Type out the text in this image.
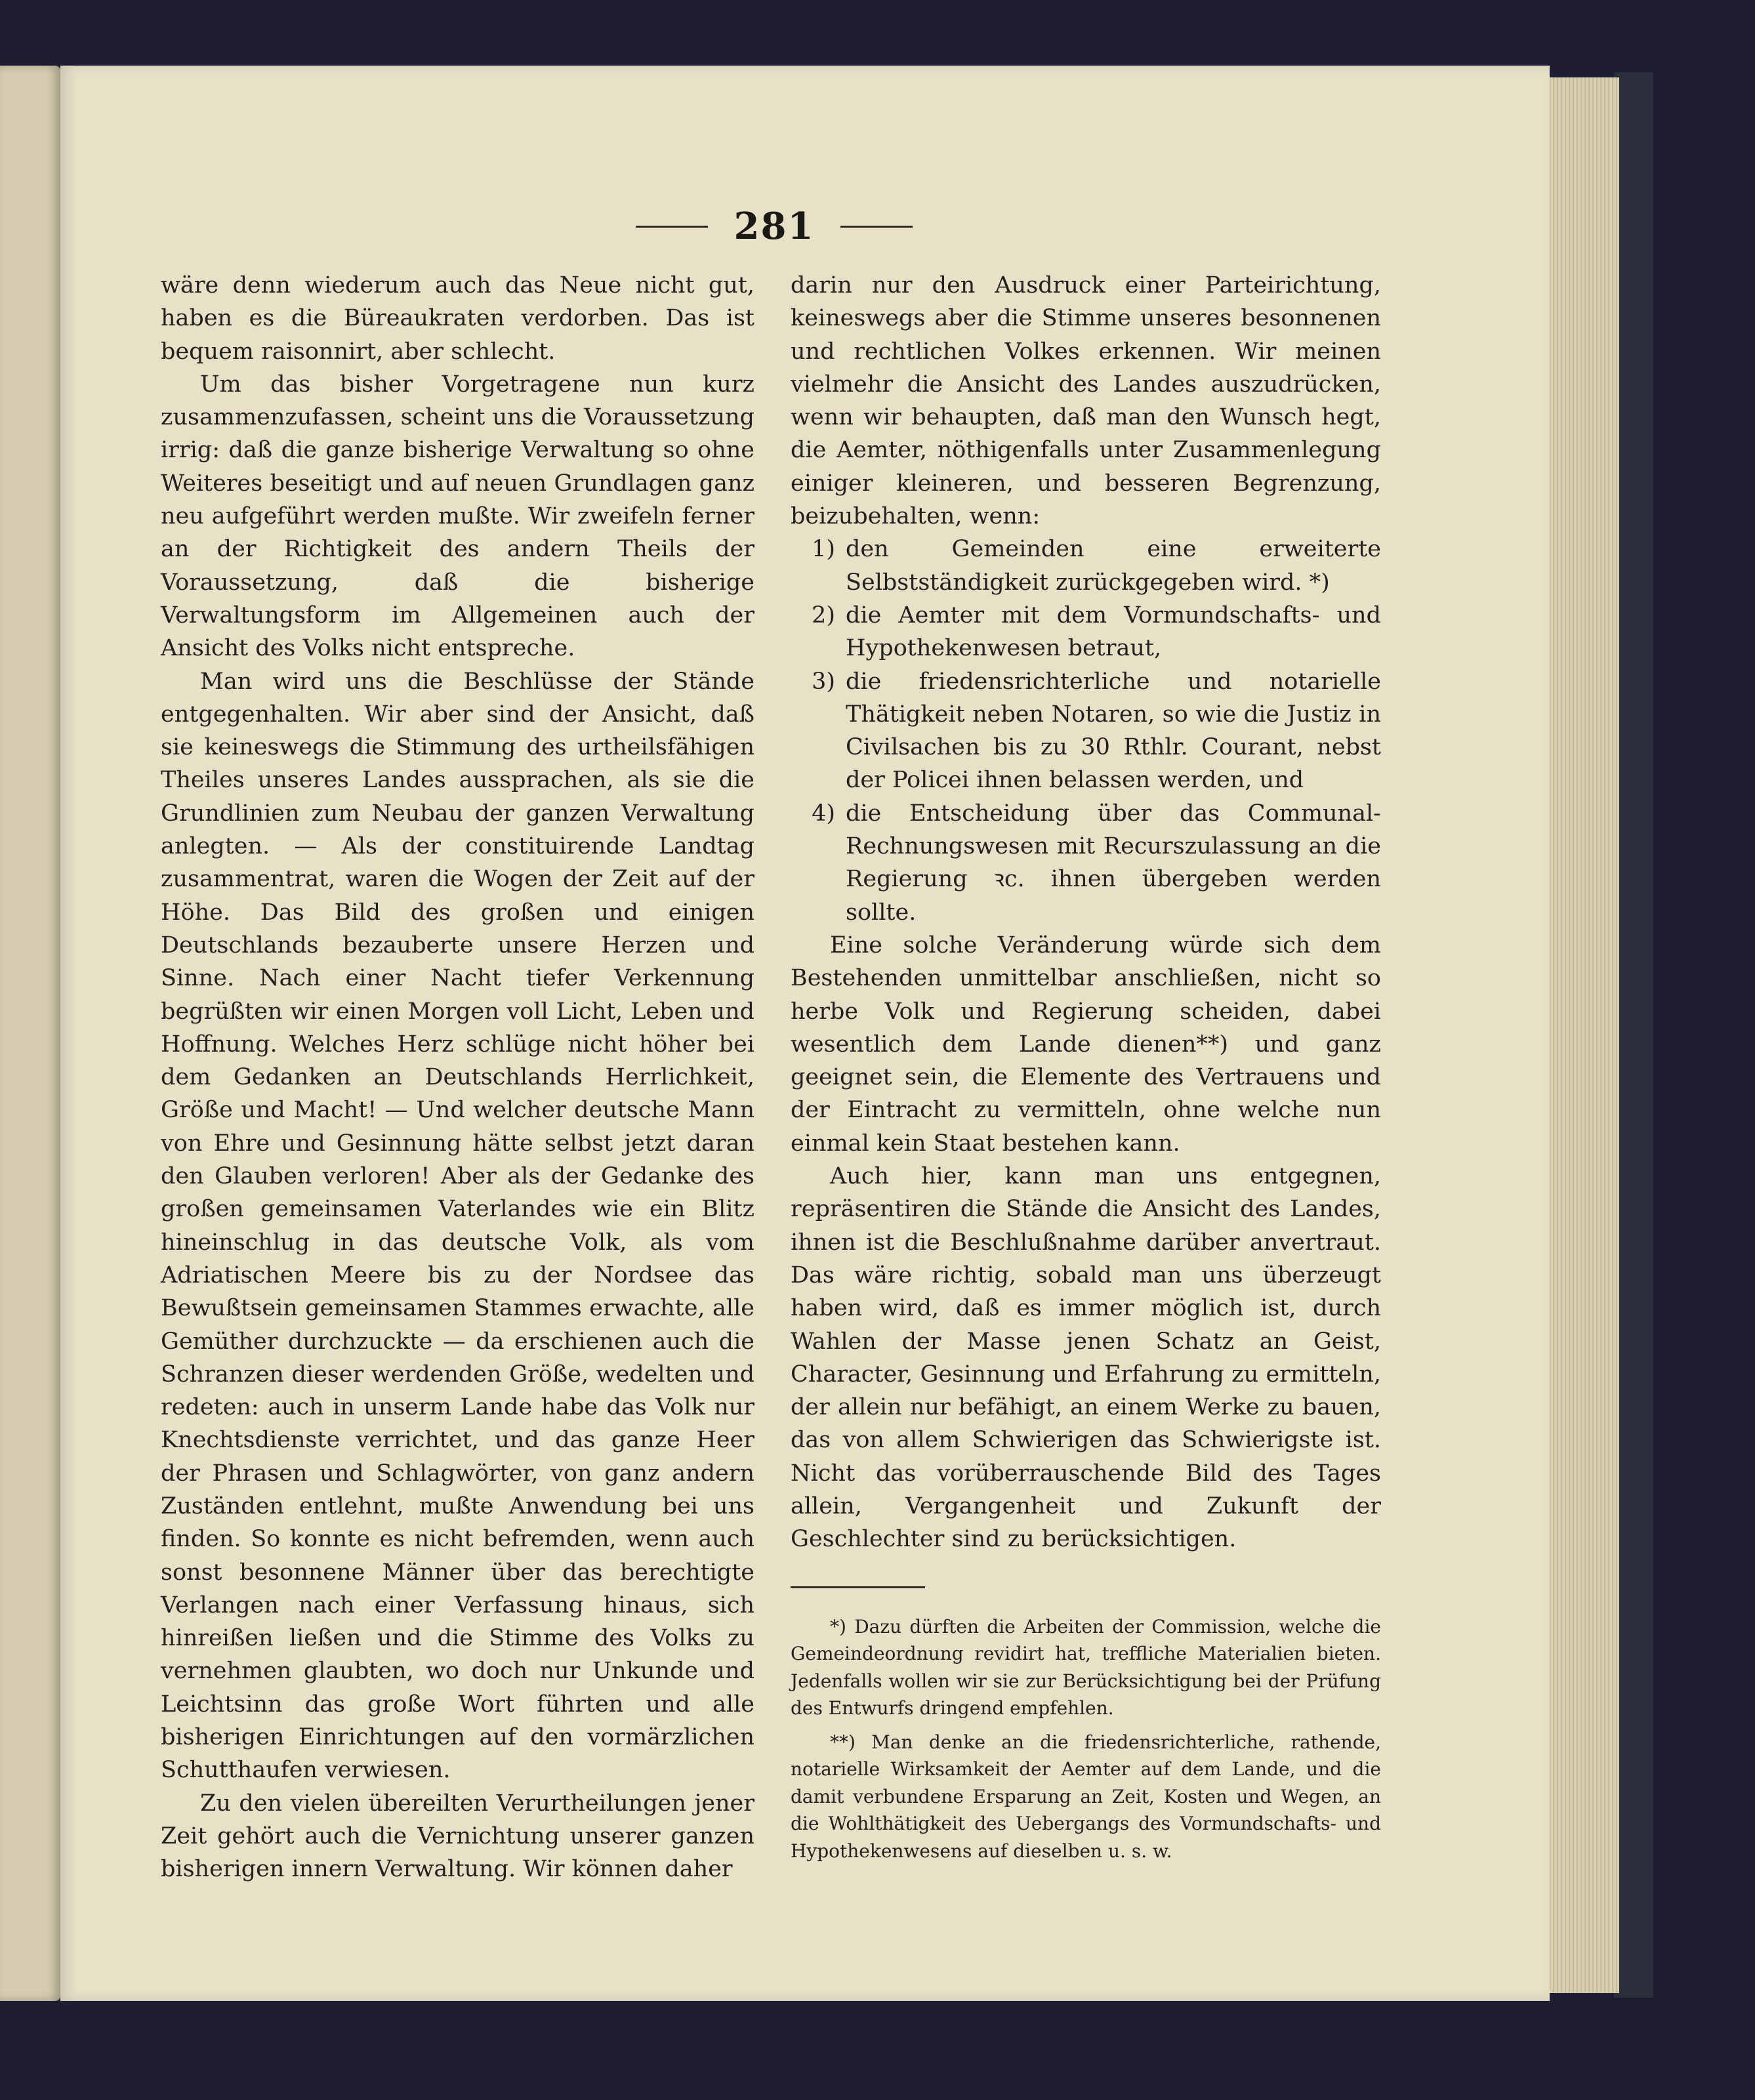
281

wäre denn wiederum auch das Neue nicht gut, haben es die Büreaukraten verdorben. Das ist bequem raisonnirt, aber schlecht.

Um das bisher Vorgetragene nun kurz zusammenzufassen, scheint uns die Voraussetzung irrig: daß die ganze bisherige Verwaltung so ohne Weiteres beseitigt und auf neuen Grundlagen ganz neu aufgeführt werden mußte. Wir zweifeln ferner an der Richtigkeit des andern Theils der Voraussetzung, daß die bisherige Verwaltungsform im Allgemeinen auch der Ansicht des Volks nicht entspreche.

Man wird uns die Beschlüsse der Stände entgegenhalten. Wir aber sind der Ansicht, daß sie keineswegs die Stimmung des urtheilsfähigen Theiles unseres Landes aussprachen, als sie die Grundlinien zum Neubau der ganzen Verwaltung anlegten. — Als der constituirende Landtag zusammentrat, waren die Wogen der Zeit auf der Höhe. Das Bild des großen und einigen Deutschlands bezauberte unsere Herzen und Sinne. Nach einer Nacht tiefer Verkennung begrüßten wir einen Morgen voll Licht, Leben und Hoffnung. Welches Herz schlüge nicht höher bei dem Gedanken an Deutschlands Herrlichkeit, Größe und Macht! — Und welcher deutsche Mann von Ehre und Gesinnung hätte selbst jetzt daran den Glauben verloren! Aber als der Gedanke des großen gemeinsamen Vaterlandes wie ein Blitz hineinschlug in das deutsche Volk, als vom Adriatischen Meere bis zu der Nordsee das Bewußtsein gemeinsamen Stammes erwachte, alle Gemüther durchzuckte — da erschienen auch die Schranzen dieser werdenden Größe, wedelten und redeten: auch in unserm Lande habe das Volk nur Knechtsdienste verrichtet, und das ganze Heer der Phrasen und Schlagwörter, von ganz andern Zuständen entlehnt, mußte Anwendung bei uns finden. So konnte es nicht befremden, wenn auch sonst besonnene Männer über das berechtigte Verlangen nach einer Verfassung hinaus, sich hinreißen ließen und die Stimme des Volks zu vernehmen glaubten, wo doch nur Unkunde und Leichtsinn das große Wort führten und alle bisherigen Einrichtungen auf den vormärzlichen Schutthaufen verwiesen.

Zu den vielen übereilten Verurtheilungen jener Zeit gehört auch die Vernichtung unserer ganzen bisherigen innern Verwaltung. Wir können daher

darin nur den Ausdruck einer Parteirichtung, keineswegs aber die Stimme unseres besonnenen und rechtlichen Volkes erkennen. Wir meinen vielmehr die Ansicht des Landes auszudrücken, wenn wir behaupten, daß man den Wunsch hegt, die Aemter, nöthigenfalls unter Zusammenlegung einiger kleineren, und besseren Begrenzung, beizubehalten, wenn:

1) den Gemeinden eine erweiterte Selbstständigkeit zurückgegeben wird. *)
2) die Aemter mit dem Vormundschafts- und Hypothekenwesen betraut,
3) die friedensrichterliche und notarielle Thätigkeit neben Notaren, so wie die Justiz in Civilsachen bis zu 30 Rthlr. Courant, nebst der Policei ihnen belassen werden, und
4) die Entscheidung über das Communal-Rechnungswesen mit Recurszulassung an die Regierung ꝛc. ihnen übergeben werden sollte.

Eine solche Veränderung würde sich dem Bestehenden unmittelbar anschließen, nicht so herbe Volk und Regierung scheiden, dabei wesentlich dem Lande dienen**) und ganz geeignet sein, die Elemente des Vertrauens und der Eintracht zu vermitteln, ohne welche nun einmal kein Staat bestehen kann.

Auch hier, kann man uns entgegnen, repräsentiren die Stände die Ansicht des Landes, ihnen ist die Beschlußnahme darüber anvertraut. Das wäre richtig, sobald man uns überzeugt haben wird, daß es immer möglich ist, durch Wahlen der Masse jenen Schatz an Geist, Character, Gesinnung und Erfahrung zu ermitteln, der allein nur befähigt, an einem Werke zu bauen, das von allem Schwierigen das Schwierigste ist. Nicht das vorüberrauschende Bild des Tages allein, Vergangenheit und Zukunft der Geschlechter sind zu berücksichtigen.

*) Dazu dürften die Arbeiten der Commission, welche die Gemeindeordnung revidirt hat, treffliche Materialien bieten. Jedenfalls wollen wir sie zur Berücksichtigung bei der Prüfung des Entwurfs dringend empfehlen.

**) Man denke an die friedensrichterliche, rathende, notarielle Wirksamkeit der Aemter auf dem Lande, und die damit verbundene Ersparung an Zeit, Kosten und Wegen, an die Wohlthätigkeit des Uebergangs des Vormundschafts- und Hypothekenwesens auf dieselben u. s. w.
